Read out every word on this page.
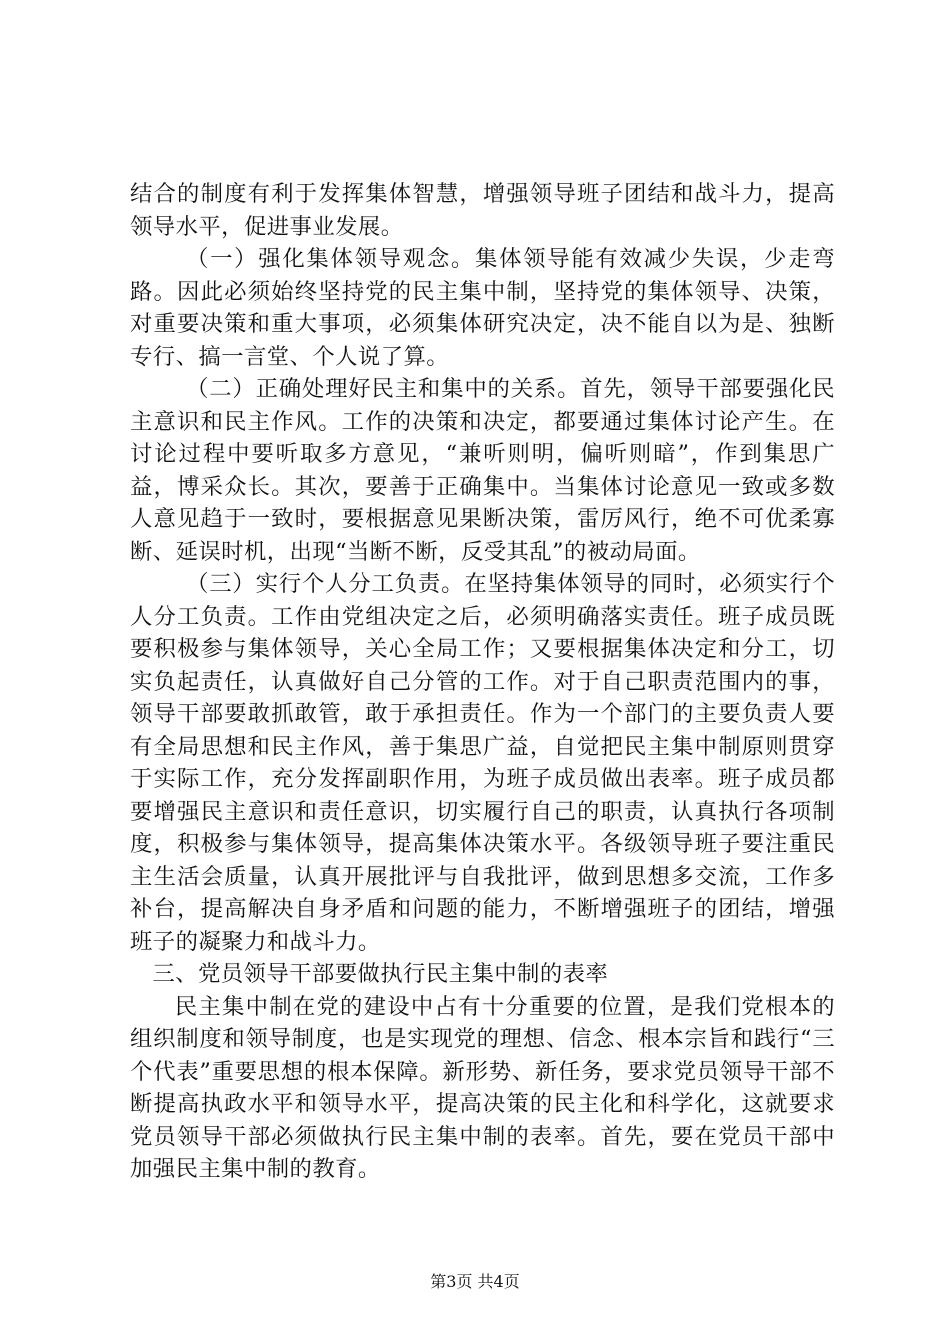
结合的制度有利于发挥集体智慧，增强领导班子团结和战斗力，提高领导水平，促进事业发展。

（一）强化集体领导观念。集体领导能有效减少失误，少走弯路。因此必须始终坚持党的民主集中制，坚持党的集体领导、决策，对重要决策和重大事项，必须集体研究决定，决不能自以为是、独断专行、搞一言堂、个人说了算。

（二）正确处理好民主和集中的关系。首先，领导干部要强化民主意识和民主作风。工作的决策和决定，都要通过集体讨论产生。在讨论过程中要听取多方意见，“兼听则明，偏听则暗”，作到集思广益，博采众长。其次，要善于正确集中。当集体讨论意见一致或多数人意见趋于一致时，要根据意见果断决策，雷厉风行，绝不可优柔寡断、延误时机，出现“当断不断，反受其乱”的被动局面。

（三）实行个人分工负责。在坚持集体领导的同时，必须实行个人分工负责。工作由党组决定之后，必须明确落实责任。班子成员既要积极参与集体领导，关心全局工作；又要根据集体决定和分工，切实负起责任，认真做好自己分管的工作。对于自己职责范围内的事，领导干部要敢抓敢管，敢于承担责任。作为一个部门的主要负责人要有全局思想和民主作风，善于集思广益，自觉把民主集中制原则贯穿于实际工作，充分发挥副职作用，为班子成员做出表率。班子成员都要增强民主意识和责任意识，切实履行自己的职责，认真执行各项制度，积极参与集体领导，提高集体决策水平。各级领导班子要注重民主生活会质量，认真开展批评与自我批评，做到思想多交流，工作多补台，提高解决自身矛盾和问题的能力，不断增强班子的团结，增强班子的凝聚力和战斗力。

三、党员领导干部要做执行民主集中制的表率

民主集中制在党的建设中占有十分重要的位置，是我们党根本的组织制度和领导制度，也是实现党的理想、信念、根本宗旨和践行“三个代表”重要思想的根本保障。新形势、新任务，要求党员领导干部不断提高执政水平和领导水平，提高决策的民主化和科学化，这就要求党员领导干部必须做执行民主集中制的表率。首先，要在党员干部中加强民主集中制的教育。

第3页 共4页
